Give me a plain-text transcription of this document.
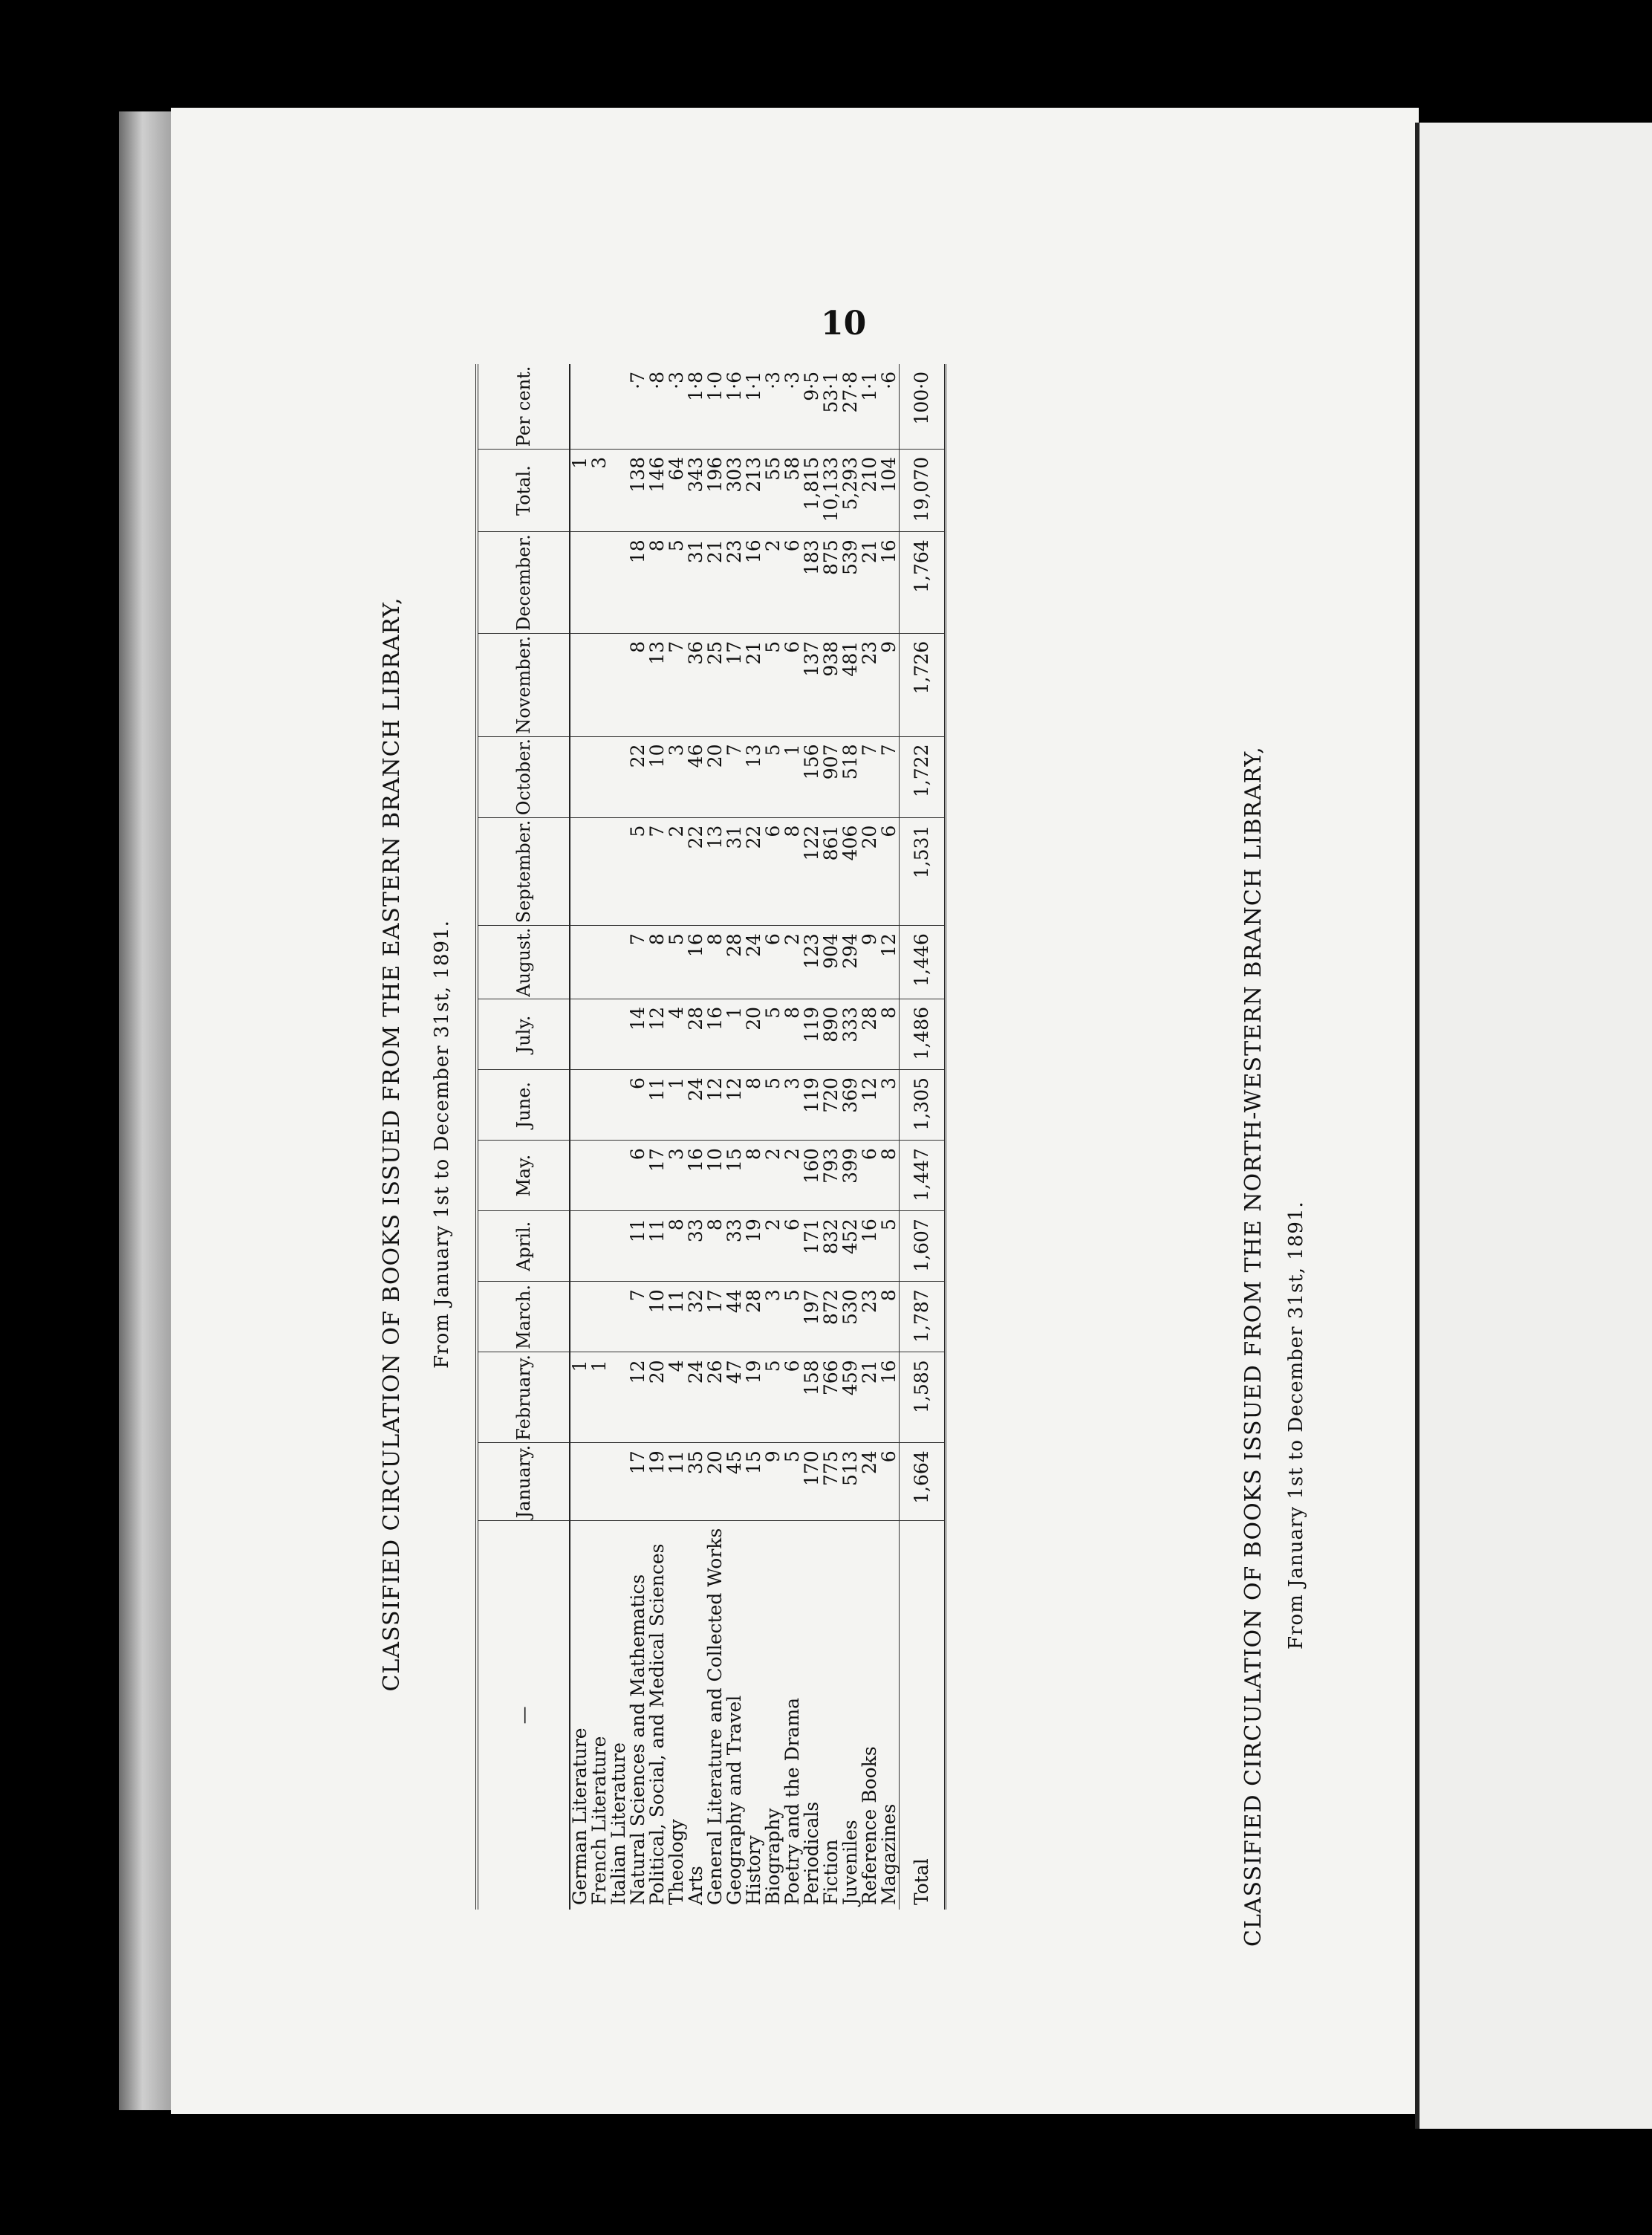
10
CLASSIFIED CIRCULATION OF BOOKS ISSUED FROM THE EASTERN BRANCH LIBRARY, From January 1st to December 31st, 1891.
—	January.	February.	March.	April.	May.	June.	July.	August.	September.	October.	November.	December.	Total.	Per cent.
German Literature		1											1	
French Literature		1											3	
Italian Literature														
Natural Sciences and Mathematics	17	12	7	11	6	6	14	7	5	22	8	18	138	·7
Political, Social, and Medical Sciences	19	20	10	11	17	11	12	8	7	10	13	8	146	·8
Theology	11	4	11	8	3	1	4	5	2	3	7	5	64	·3
Arts	35	24	32	33	16	24	28	16	22	46	36	31	343	1·8
General Literature and Collected Works	20	26	17	8	10	12	16	8	13	20	25	21	196	1·0
Geography and Travel	45	47	44	33	15	12	1	28	31	7	17	23	303	1·6
History	15	19	28	19	8	8	20	24	22	13	21	16	213	1·1
Biography	9	5	3	2	2	5	5	6	6	5	5	2	55	·3
Poetry and the Drama	5	6	5	6	2	3	8	2	8	1	6	6	58	·3
Periodicals	170	158	197	171	160	119	119	123	122	156	137	183	1,815	9·5
Fiction	775	766	872	832	793	720	890	904	861	907	938	875	10,133	53·1
Juveniles	513	459	530	452	399	369	333	294	406	518	481	539	5,293	27·8
Reference Books	24	21	23	16	6	12	28	9	20	7	23	21	210	1·1
Magazines	6	16	8	5	8	3	8	12	6	7	9	16	104	·6
Total	1,664	1,585	1,787	1,607	1,447	1,305	1,486	1,446	1,531	1,722	1,726	1,764	19,070	100·0
CLASSIFIED CIRCULATION OF BOOKS ISSUED FROM THE NORTH-WESTERN BRANCH LIBRARY, From January 1st to December 31st, 1891.
